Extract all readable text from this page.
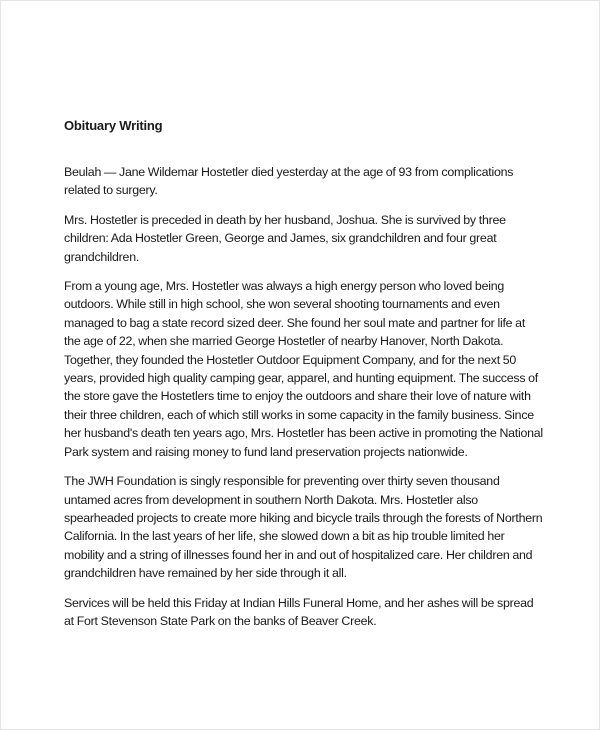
Obituary Writing

Beulah — Jane Wildemar Hostetler died yesterday at the age of 93 from complications related to surgery.

Mrs. Hostetler is preceded in death by her husband, Joshua. She is survived by three children: Ada Hostetler Green, George and James, six grandchildren and four great grandchildren.

From a young age, Mrs. Hostetler was always a high energy person who loved being outdoors. While still in high school, she won several shooting tournaments and even managed to bag a state record sized deer. She found her soul mate and partner for life at the age of 22, when she married George Hostetler of nearby Hanover, North Dakota. Together, they founded the Hostetler Outdoor Equipment Company, and for the next 50 years, provided high quality camping gear, apparel, and hunting equipment. The success of the store gave the Hostetlers time to enjoy the outdoors and share their love of nature with their three children, each of which still works in some capacity in the family business. Since her husband's death ten years ago, Mrs. Hostetler has been active in promoting the National Park system and raising money to fund land preservation projects nationwide.

The JWH Foundation is singly responsible for preventing over thirty seven thousand untamed acres from development in southern North Dakota. Mrs. Hostetler also spearheaded projects to create more hiking and bicycle trails through the forests of Northern California. In the last years of her life, she slowed down a bit as hip trouble limited her mobility and a string of illnesses found her in and out of hospitalized care. Her children and grandchildren have remained by her side through it all.

Services will be held this Friday at Indian Hills Funeral Home, and her ashes will be spread at Fort Stevenson State Park on the banks of Beaver Creek.
